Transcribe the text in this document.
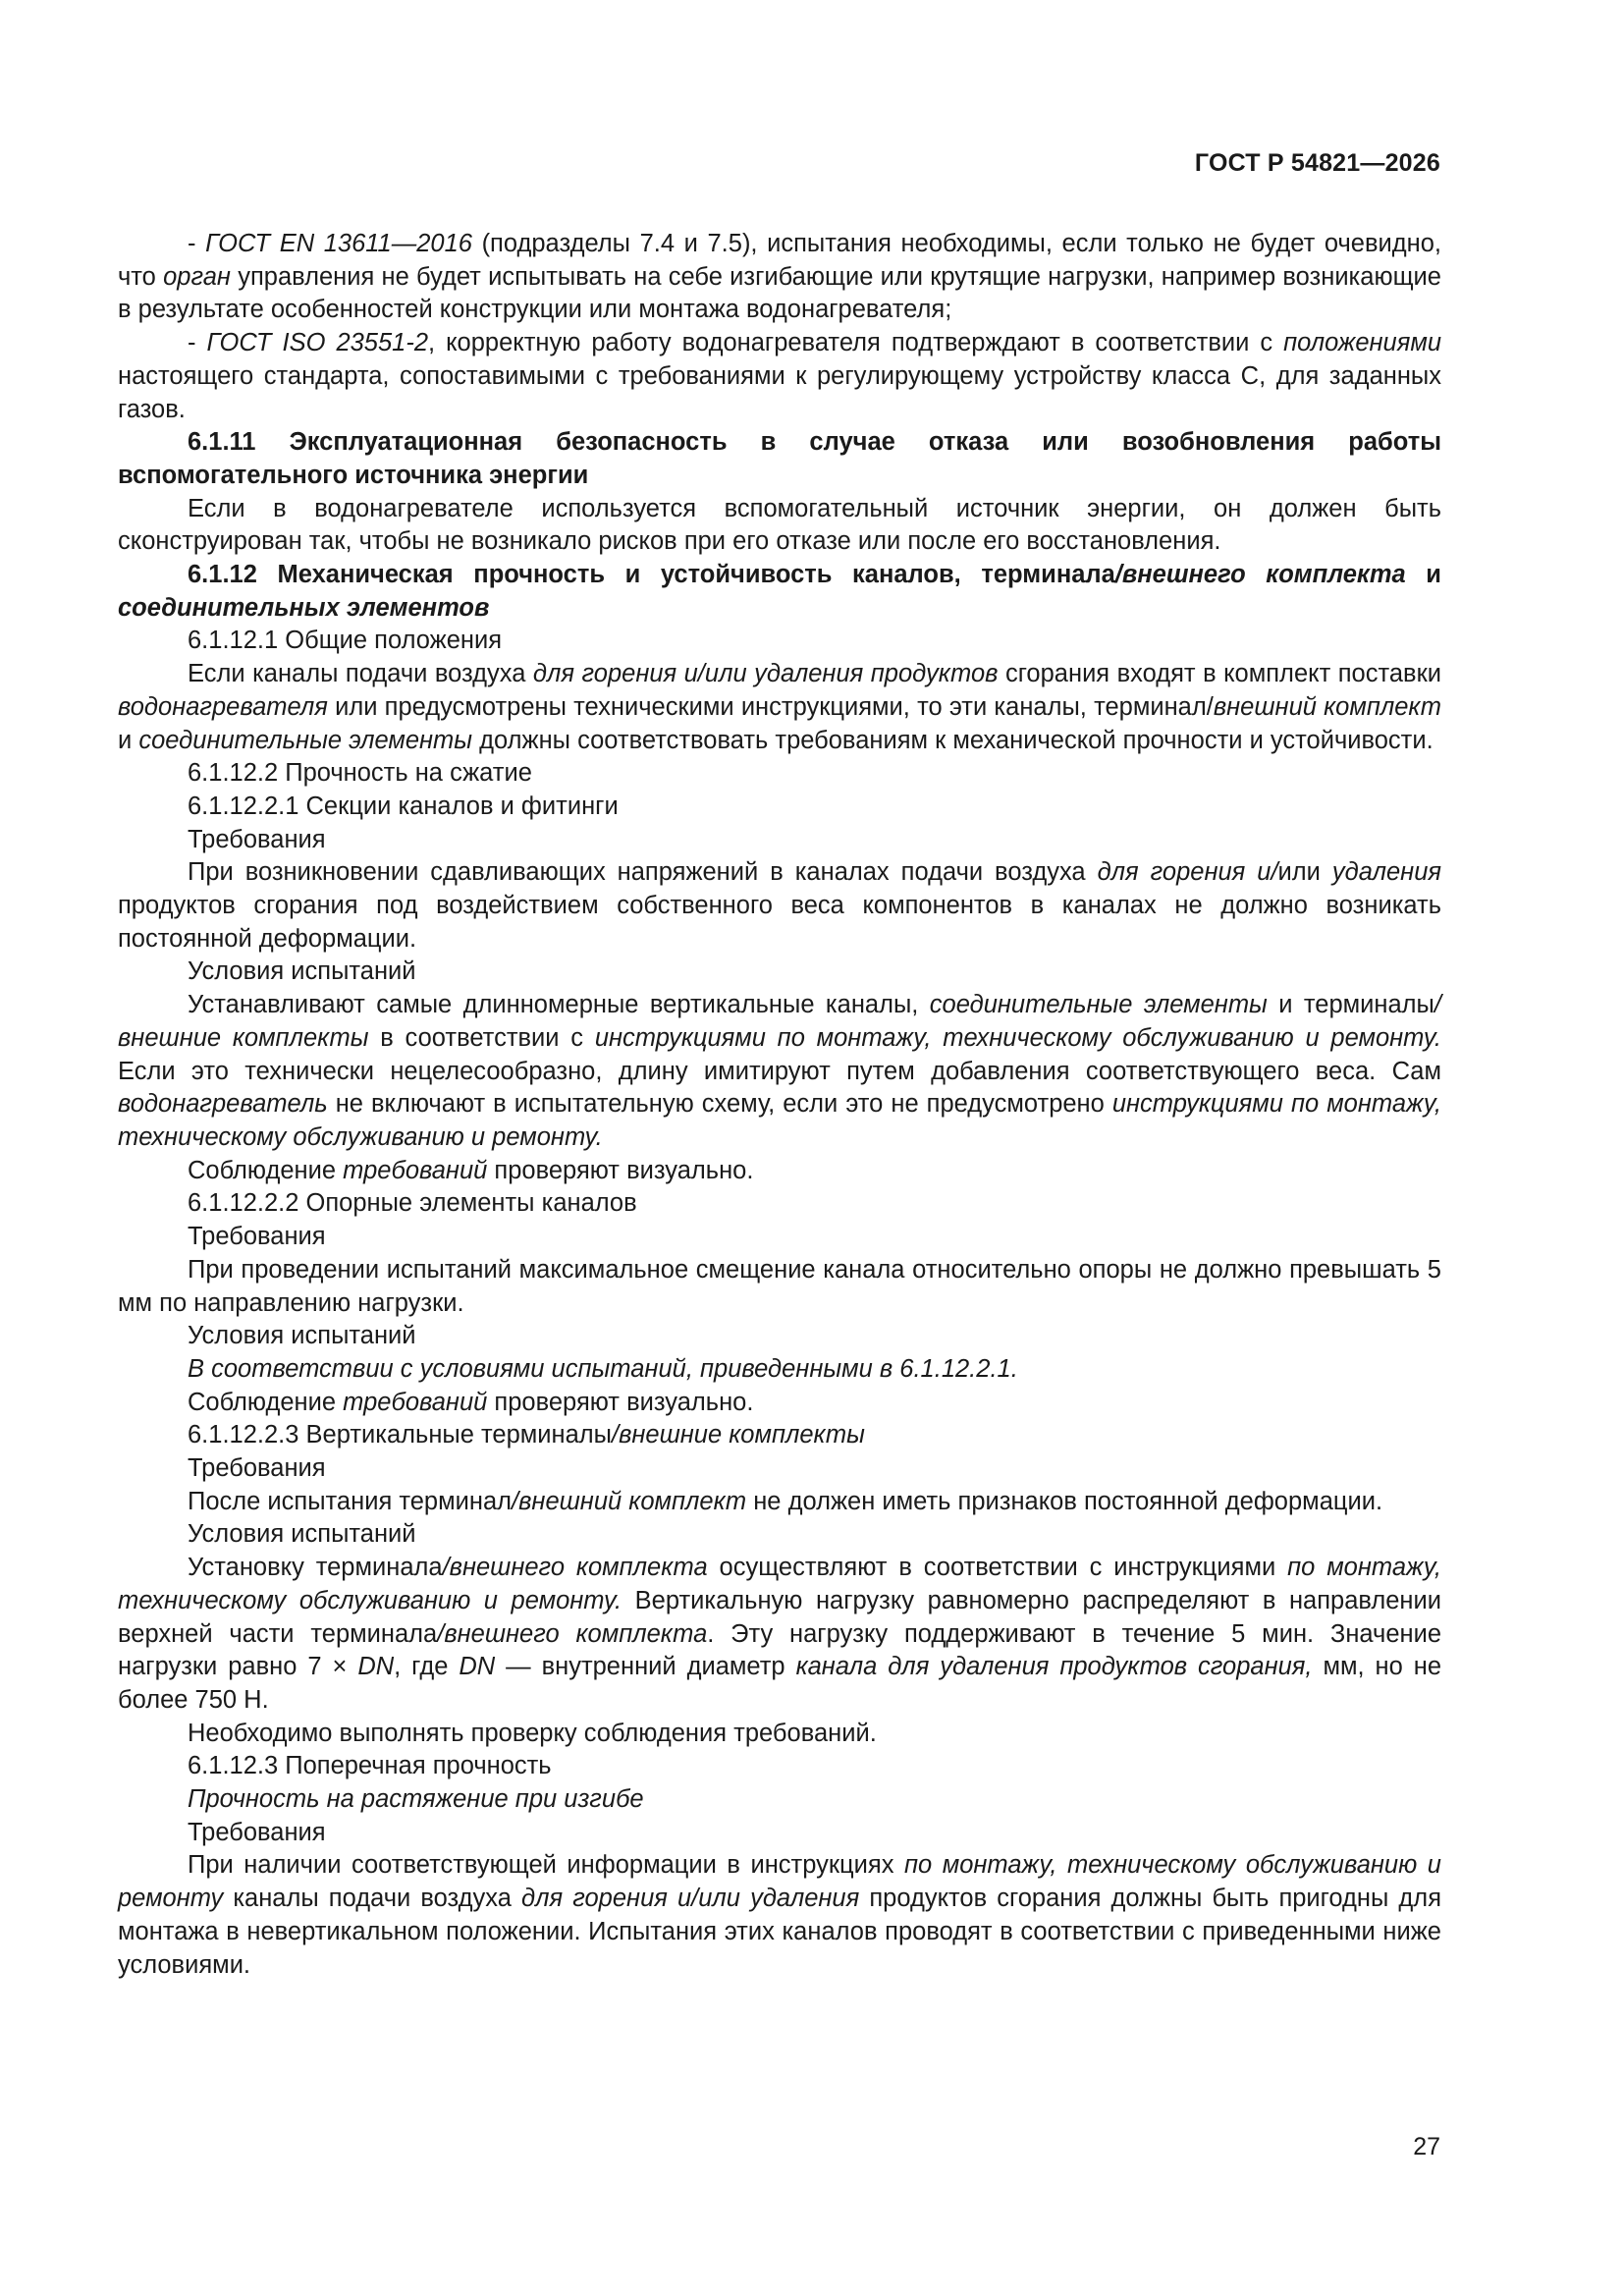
ГОСТ Р 54821—2026

- ГОСТ EN 13611—2016 (подразделы 7.4 и 7.5), испытания необходимы, если только не будет очевидно, что орган управления не будет испытывать на себе изгибающие или крутящие нагрузки, например возникающие в результате особенностей конструкции или монтажа водонагревателя;

- ГОСТ ISO 23551-2, корректную работу водонагревателя подтверждают в соответствии с положениями настоящего стандарта, сопоставимыми с требованиями к регулирующему устройству класса С, для заданных газов.

6.1.11 Эксплуатационная безопасность в случае отказа или возобновления работы вспомогательного источника энергии

Если в водонагревателе используется вспомогательный источник энергии, он должен быть сконструирован так, чтобы не возникало рисков при его отказе или после его восстановления.

6.1.12 Механическая прочность и устойчивость каналов, терминала/внешнего комплекта и соединительных элементов

6.1.12.1 Общие положения

Если каналы подачи воздуха для горения и/или удаления продуктов сгорания входят в комплект поставки водонагревателя или предусмотрены техническими инструкциями, то эти каналы, терминал/внешний комплект и соединительные элементы должны соответствовать требованиям к механической прочности и устойчивости.

6.1.12.2 Прочность на сжатие

6.1.12.2.1 Секции каналов и фитинги

Требования

При возникновении сдавливающих напряжений в каналах подачи воздуха для горения и/или удаления продуктов сгорания под воздействием собственного веса компонентов в каналах не должно возникать постоянной деформации.

Условия испытаний

Устанавливают самые длинномерные вертикальные каналы, соединительные элементы и терминалы/внешние комплекты в соответствии с инструкциями по монтажу, техническому обслуживанию и ремонту. Если это технически нецелесообразно, длину имитируют путем добавления соответствующего веса. Сам водонагреватель не включают в испытательную схему, если это не предусмотрено инструкциями по монтажу, техническому обслуживанию и ремонту.

Соблюдение требований проверяют визуально.

6.1.12.2.2 Опорные элементы каналов

Требования

При проведении испытаний максимальное смещение канала относительно опоры не должно превышать 5 мм по направлению нагрузки.

Условия испытаний

В соответствии с условиями испытаний, приведенными в 6.1.12.2.1.

Соблюдение требований проверяют визуально.

6.1.12.2.3 Вертикальные терминалы/внешние комплекты

Требования

После испытания терминал/внешний комплект не должен иметь признаков постоянной деформации.

Условия испытаний

Установку терминала/внешнего комплекта осуществляют в соответствии с инструкциями по монтажу, техническому обслуживанию и ремонту. Вертикальную нагрузку равномерно распределяют в направлении верхней части терминала/внешнего комплекта. Эту нагрузку поддерживают в течение 5 мин. Значение нагрузки равно 7 × DN, где DN — внутренний диаметр канала для удаления продуктов сгорания, мм, но не более 750 Н.

Необходимо выполнять проверку соблюдения требований.

6.1.12.3 Поперечная прочность

Прочность на растяжение при изгибе

Требования

При наличии соответствующей информации в инструкциях по монтажу, техническому обслуживанию и ремонту каналы подачи воздуха для горения и/или удаления продуктов сгорания должны быть пригодны для монтажа в невертикальном положении. Испытания этих каналов проводят в соответствии с приведенными ниже условиями.

27
